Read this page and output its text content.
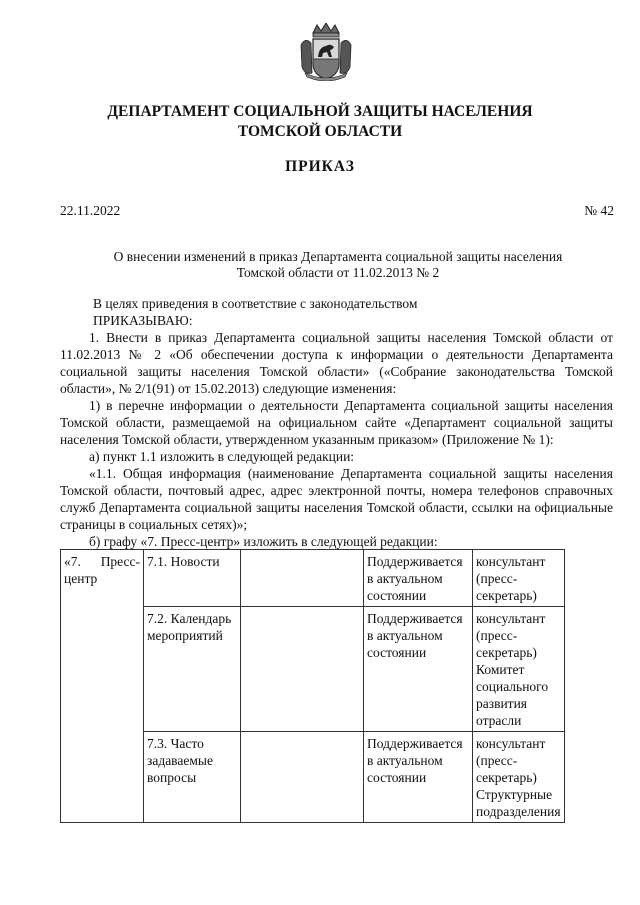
ДЕПАРТАМЕНТ СОЦИАЛЬНОЙ ЗАЩИТЫ НАСЕЛЕНИЯ
ТОМСКОЙ ОБЛАСТИ
ПРИКАЗ
22.11.2022	№ 42
О внесении изменений в приказ Департамента социальной защиты населения
Томской области от 11.02.2013 № 2

В целях приведения в соответствие с законодательством

ПРИКАЗЫВАЮ:

1. Внести в приказ Департамента социальной защиты населения Томской области от 11.02.2013 № 2 «Об обеспечении доступа к информации о деятельности Департамента социальной защиты населения Томской области» («Собрание законодательства Томской области», № 2/1(91) от 15.02.2013) следующие изменения:

1) в перечне информации о деятельности Департамента социальной защиты населения Томской области, размещаемой на официальном сайте «Департамент социальной защиты населения Томской области, утвержденном указанным приказом» (Приложение № 1):

а) пункт 1.1 изложить в следующей редакции:

«1.1. Общая информация (наименование Департамента социальной защиты населения Томской области, почтовый адрес, адрес электронной почты, номера телефонов справочных служб Департамента социальной защиты населения Томской области, ссылки на официальные страницы в социальных сетях)»;

б) графу «7. Пресс-центр» изложить в следующей редакции:

«7. Пресс-центр	7.1. Новости		Поддерживается в актуальном состоянии	консультант (пресс-секретарь)
	7.2. Календарь мероприятий		Поддерживается в актуальном состоянии	консультант (пресс-секретарь) Комитет социального развития отрасли
	7.3. Часто задаваемые вопросы		Поддерживается в актуальном состоянии	консультант (пресс-секретарь) Структурные подразделения
